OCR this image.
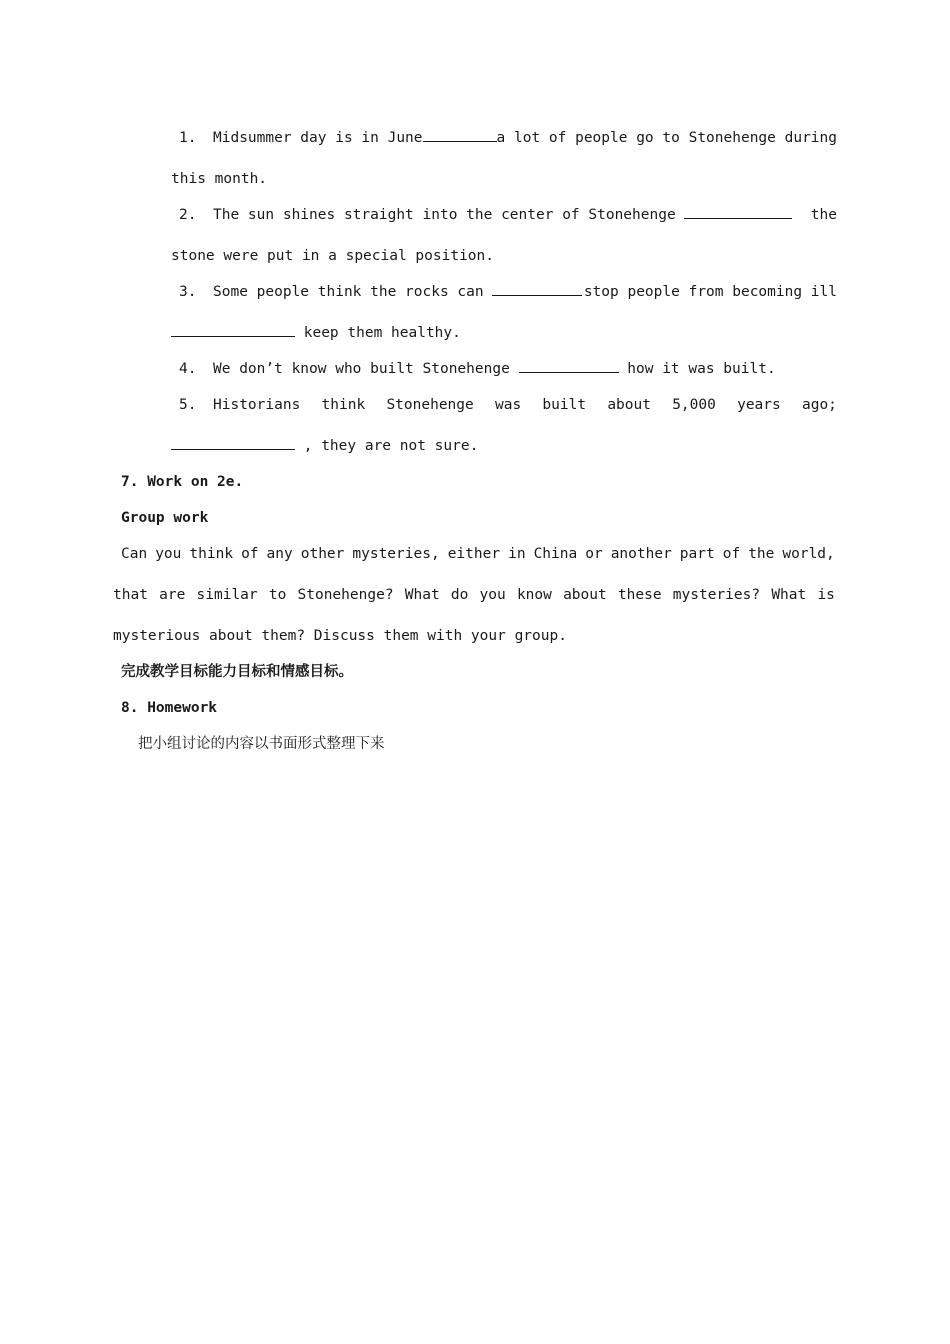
1. Midsummer day is in June	a lot of people go to Stonehenge during
this month.
2. The sun shines straight into the center of Stonehenge	the
stone were put in a special position.
3. Some people think the rocks can	stop people from becoming ill
keep them healthy.
4. We don’t know who built Stonehenge	how it was built.
5. Historians think Stonehenge was built about 5,000 years ago;
, they are not sure.
7. Work on 2e.
Group work
Can you think of any other mysteries, either in China or another part of the world,
that are similar to Stonehenge? What do you know about these mysteries? What is
mysterious about them? Discuss them with your group.
完成教学目标能力目标和情感目标。
8. Homework
把小组讨论的内容以书面形式整理下来
